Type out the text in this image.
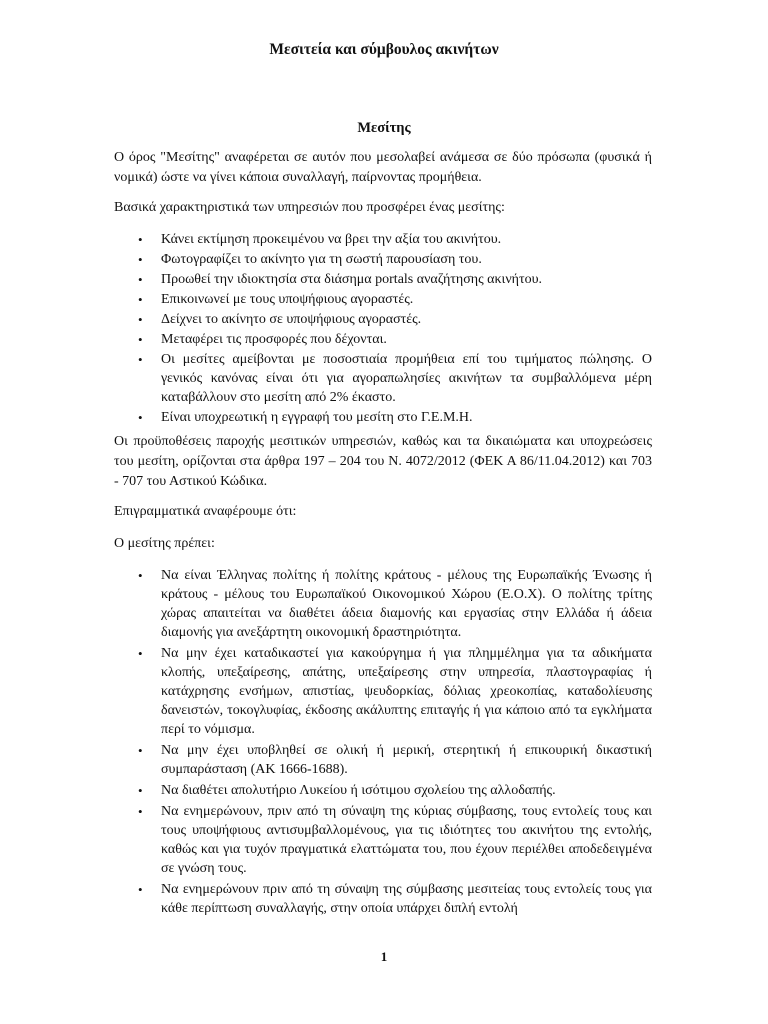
Μεσιτεία και σύμβουλος ακινήτων
Μεσίτης

Ο όρος "Μεσίτης" αναφέρεται σε αυτόν που μεσολαβεί ανάμεσα σε δύο πρόσωπα (φυσικά ή νομικά) ώστε να γίνει κάποια συναλλαγή, παίρνοντας προμήθεια.

Βασικά χαρακτηριστικά των υπηρεσιών που προσφέρει ένας μεσίτης:

• Κάνει εκτίμηση προκειμένου να βρει την αξία του ακινήτου.
• Φωτογραφίζει το ακίνητο για τη σωστή παρουσίαση του.
• Προωθεί την ιδιοκτησία στα διάσημα portals αναζήτησης ακινήτου.
• Επικοινωνεί με τους υποψήφιους αγοραστές.
• Δείχνει το ακίνητο σε υποψήφιους αγοραστές.
• Μεταφέρει τις προσφορές που δέχονται.
• Οι μεσίτες αμείβονται με ποσοστιαία προμήθεια επί του τιμήματος πώλησης. Ο γενικός κανόνας είναι ότι για αγοραπωλησίες ακινήτων τα συμβαλλόμενα μέρη καταβάλλουν στο μεσίτη από 2% έκαστο.
• Είναι υποχρεωτική η εγγραφή του μεσίτη στο Γ.Ε.Μ.Η.

Οι προϋποθέσεις παροχής μεσιτικών υπηρεσιών, καθώς και τα δικαιώματα και υποχρεώσεις του μεσίτη, ορίζονται στα άρθρα 197 – 204 του Ν. 4072/2012 (ΦΕΚ Α 86/11.04.2012) και 703 - 707 του Αστικού Κώδικα.

Επιγραμματικά αναφέρουμε ότι:

Ο μεσίτης πρέπει:

• Να είναι Έλληνας πολίτης ή πολίτης κράτους - μέλους της Ευρωπαϊκής Ένωσης ή κράτους - μέλους του Ευρωπαϊκού Οικονομικού Χώρου (Ε.Ο.Χ). Ο πολίτης τρίτης χώρας απαιτείται να διαθέτει άδεια διαμονής και εργασίας στην Ελλάδα ή άδεια διαμονής για ανεξάρτητη οικονομική δραστηριότητα.
• Να μην έχει καταδικαστεί για κακούργημα ή για πλημμέλημα για τα αδικήματα κλοπής, υπεξαίρεσης, απάτης, υπεξαίρεσης στην υπηρεσία, πλαστογραφίας ή κατάχρησης ενσήμων, απιστίας, ψευδορκίας, δόλιας χρεοκοπίας, καταδολίευσης δανειστών, τοκογλυφίας, έκδοσης ακάλυπτης επιταγής ή για κάποιο από τα εγκλήματα περί το νόμισμα.
• Να μην έχει υποβληθεί σε ολική ή μερική, στερητική ή επικουρική δικαστική συμπαράσταση (ΑΚ 1666-1688).
• Να διαθέτει απολυτήριο Λυκείου ή ισότιμου σχολείου της αλλοδαπής.
• Να ενημερώνουν, πριν από τη σύναψη της κύριας σύμβασης, τους εντολείς τους και τους υποψήφιους αντισυμβαλλομένους, για τις ιδιότητες του ακινήτου της εντολής, καθώς και για τυχόν πραγματικά ελαττώματα του, που έχουν περιέλθει αποδεδειγμένα σε γνώση τους.
• Να ενημερώνουν πριν από τη σύναψη της σύμβασης μεσιτείας τους εντολείς τους για κάθε περίπτωση συναλλαγής, στην οποία υπάρχει διπλή εντολή
1
